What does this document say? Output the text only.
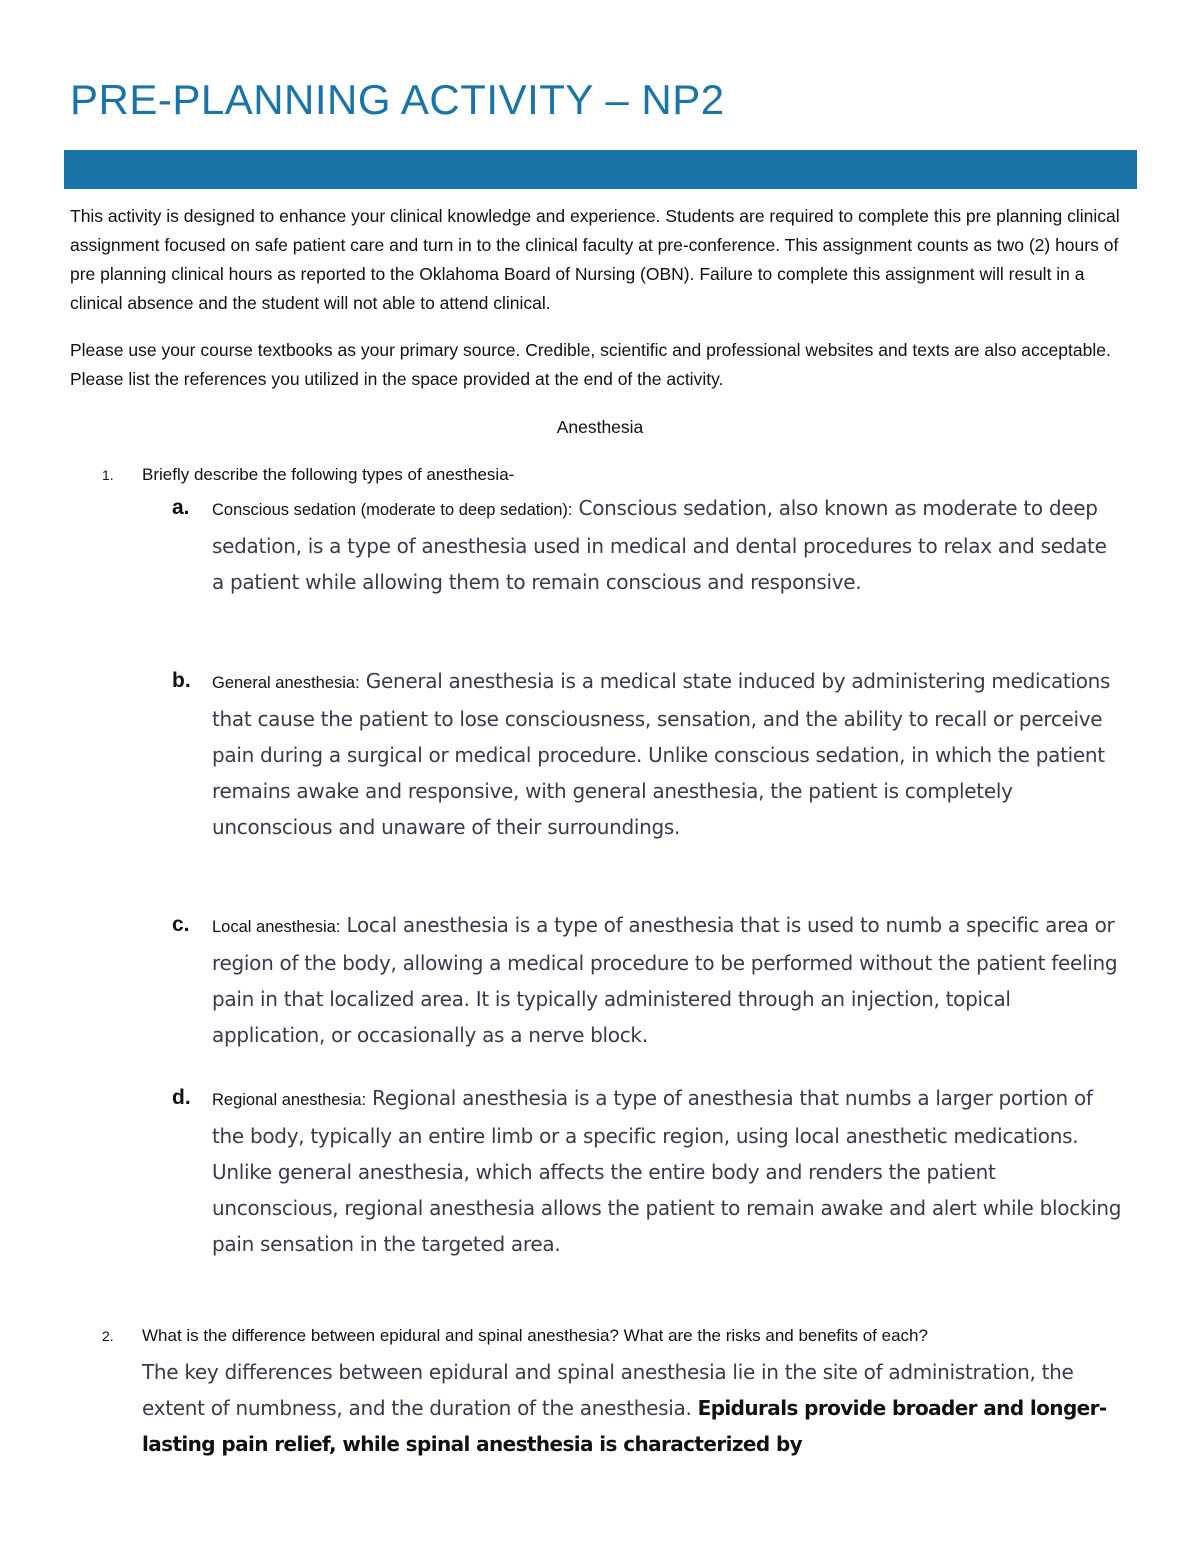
PRE-PLANNING ACTIVITY – NP2

This activity is designed to enhance your clinical knowledge and experience. Students are required to complete this pre planning clinical assignment focused on safe patient care and turn in to the clinical faculty at pre-conference. This assignment counts as two (2) hours of pre planning clinical hours as reported to the Oklahoma Board of Nursing (OBN). Failure to complete this assignment will result in a clinical absence and the student will not able to attend clinical.

Please use your course textbooks as your primary source. Credible, scientific and professional websites and texts are also acceptable. Please list the references you utilized in the space provided at the end of the activity.

Anesthesia
1. Briefly describe the following types of anesthesia-
a. Conscious sedation (moderate to deep sedation): Conscious sedation, also known as moderate to deep sedation, is a type of anesthesia used in medical and dental procedures to relax and sedate a patient while allowing them to remain conscious and responsive.
b. General anesthesia: General anesthesia is a medical state induced by administering medications that cause the patient to lose consciousness, sensation, and the ability to recall or perceive pain during a surgical or medical procedure. Unlike conscious sedation, in which the patient remains awake and responsive, with general anesthesia, the patient is completely unconscious and unaware of their surroundings.
c. Local anesthesia: Local anesthesia is a type of anesthesia that is used to numb a specific area or region of the body, allowing a medical procedure to be performed without the patient feeling pain in that localized area. It is typically administered through an injection, topical application, or occasionally as a nerve block.
d. Regional anesthesia: Regional anesthesia is a type of anesthesia that numbs a larger portion of the body, typically an entire limb or a specific region, using local anesthetic medications. Unlike general anesthesia, which affects the entire body and renders the patient unconscious, regional anesthesia allows the patient to remain awake and alert while blocking pain sensation in the targeted area.
2. What is the difference between epidural and spinal anesthesia? What are the risks and benefits of each?
The key differences between epidural and spinal anesthesia lie in the site of administration, the extent of numbness, and the duration of the anesthesia. Epidurals provide broader and longer-lasting pain relief, while spinal anesthesia is characterized by
